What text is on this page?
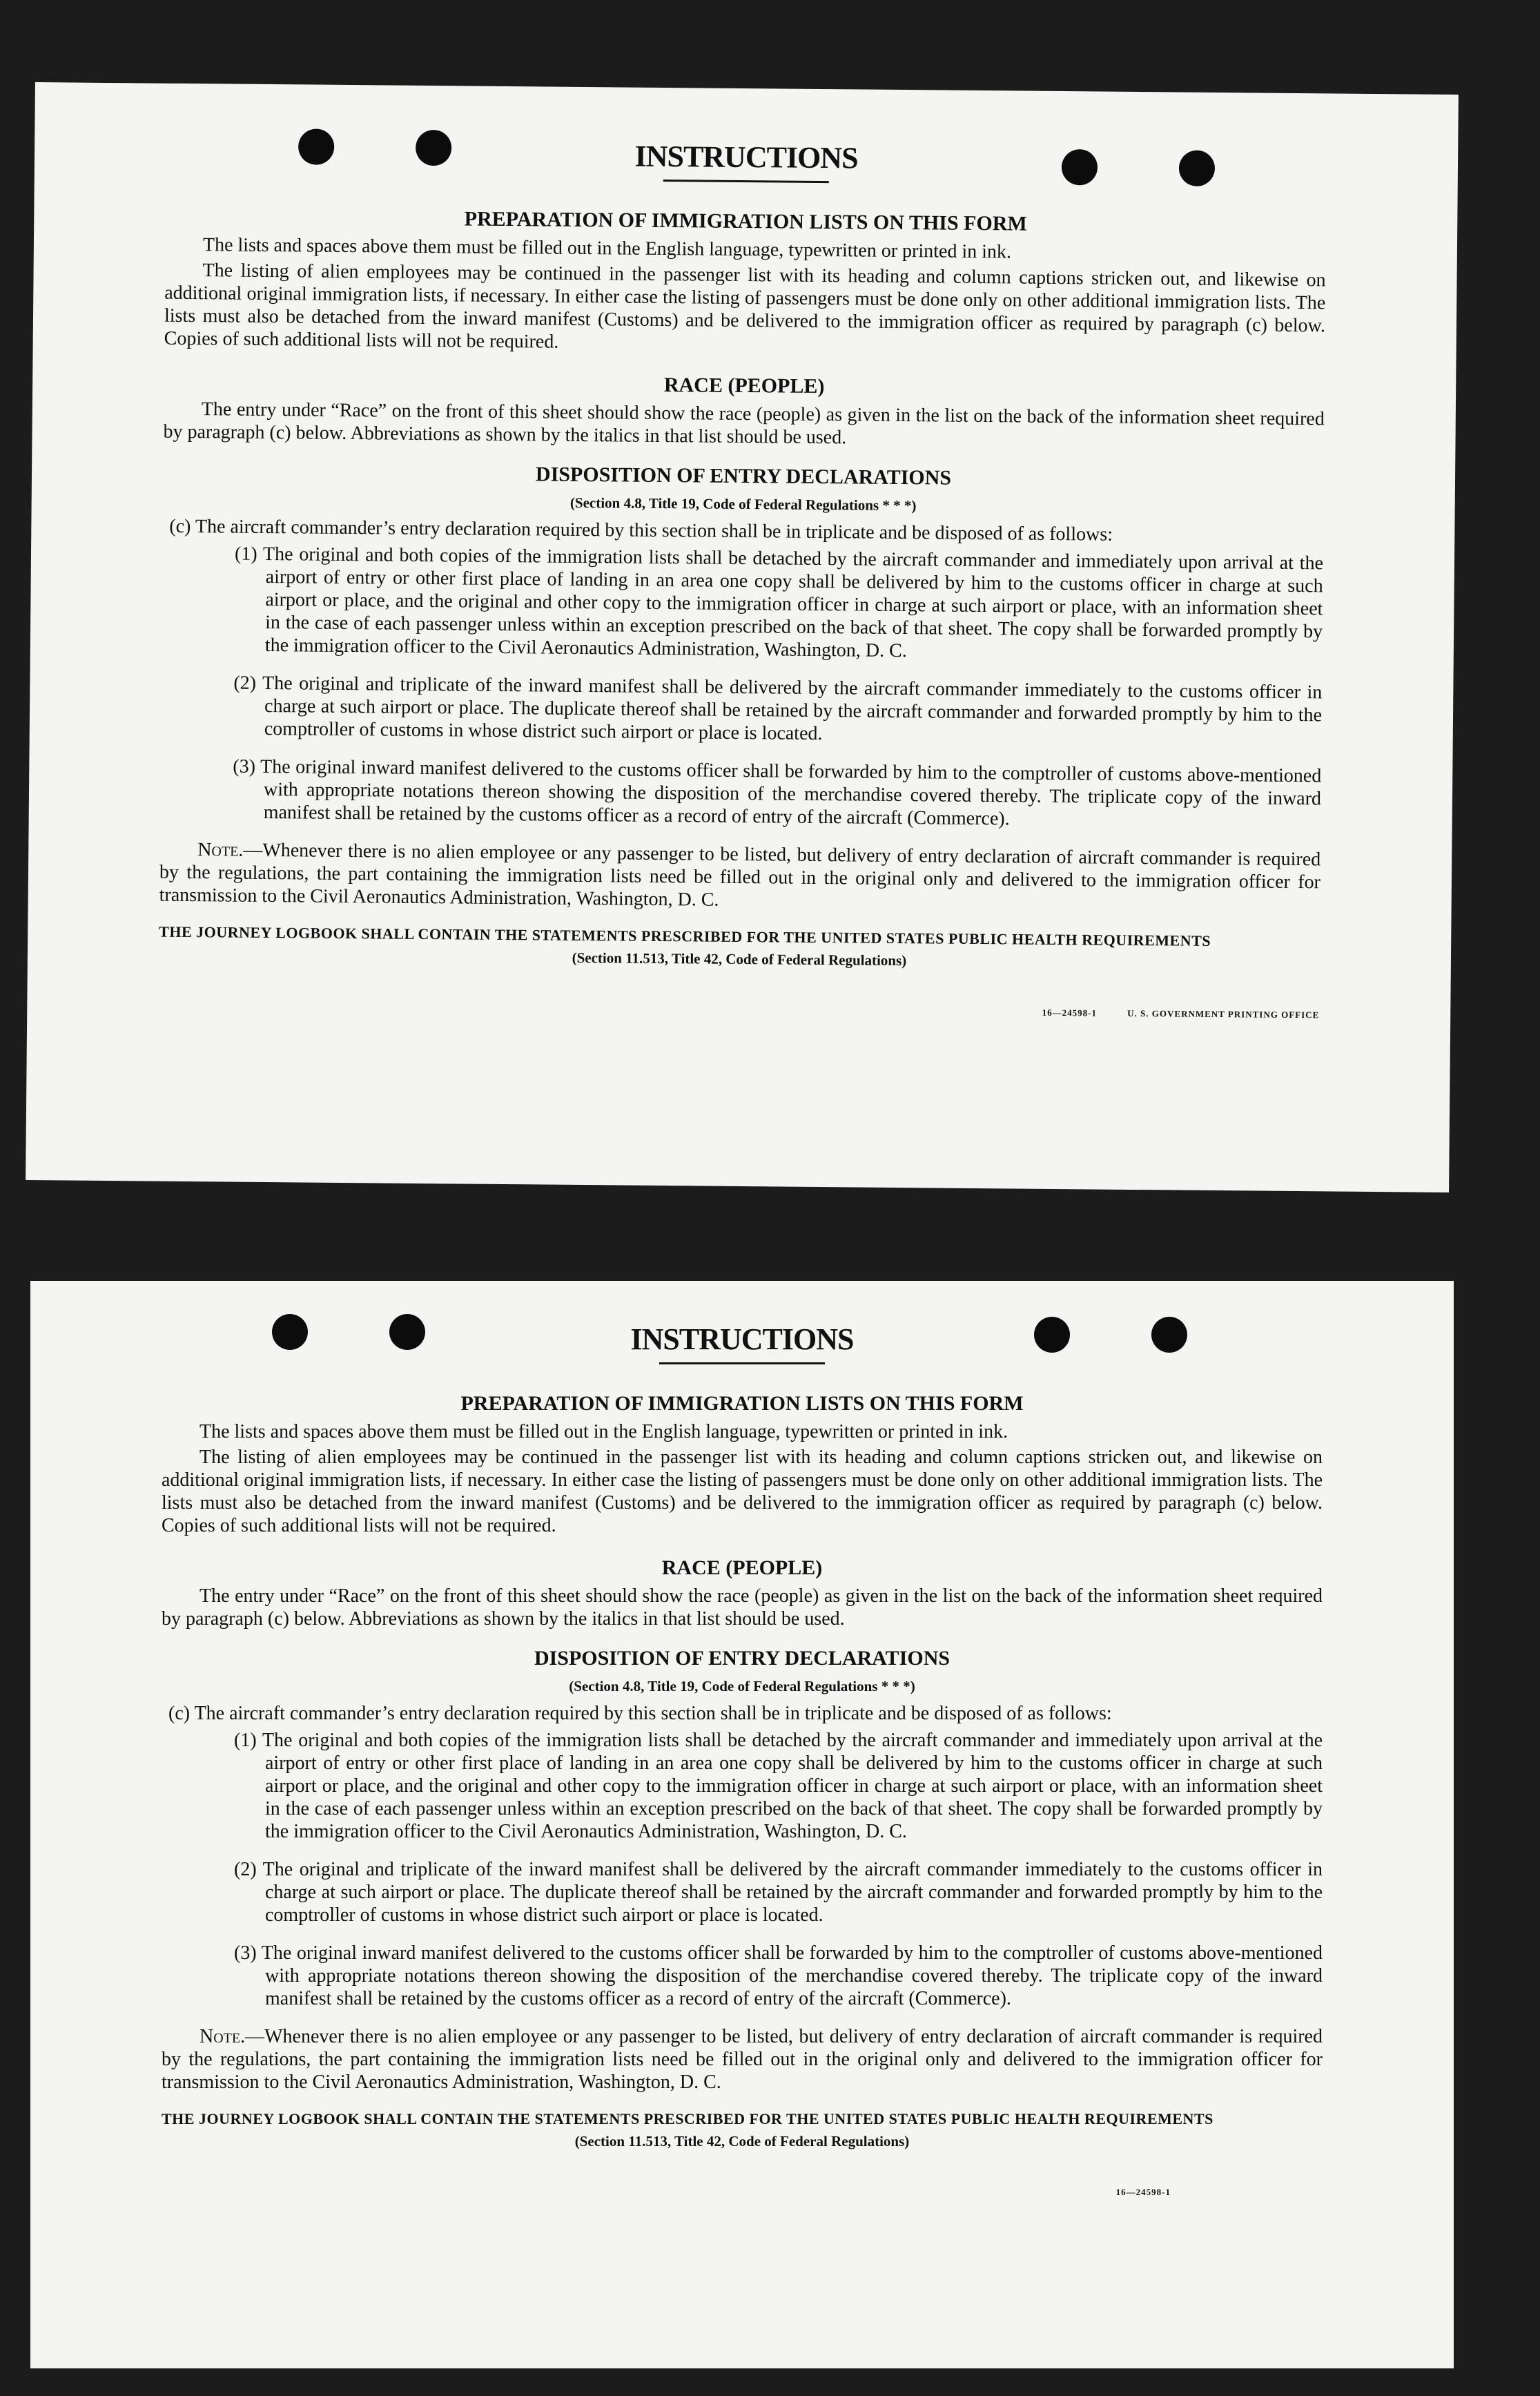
INSTRUCTIONS
PREPARATION OF IMMIGRATION LISTS ON THIS FORM

The lists and spaces above them must be filled out in the English language, typewritten or printed in ink.

The listing of alien employees may be continued in the passenger list with its heading and column captions stricken out, and likewise on additional original immigration lists, if necessary. In either case the listing of passengers must be done only on other additional immigration lists. The lists must also be detached from the inward manifest (Customs) and be delivered to the immigration officer as required by paragraph (c) below. Copies of such additional lists will not be required.

RACE (PEOPLE)

The entry under “Race” on the front of this sheet should show the race (people) as given in the list on the back of the information sheet required by paragraph (c) below. Abbreviations as shown by the italics in that list should be used.

DISPOSITION OF ENTRY DECLARATIONS
(Section 4.8, Title 19, Code of Federal Regulations * * *)

(c) The aircraft commander’s entry declaration required by this section shall be in triplicate and be disposed of as follows:

(1) The original and both copies of the immigration lists shall be detached by the aircraft commander and immediately upon arrival at the airport of entry or other first place of landing in an area one copy shall be delivered by him to the customs officer in charge at such airport or place, and the original and other copy to the immigration officer in charge at such airport or place, with an information sheet in the case of each passenger unless within an exception prescribed on the back of that sheet. The copy shall be forwarded promptly by the immigration officer to the Civil Aeronautics Administration, Washington, D. C.

(2) The original and triplicate of the inward manifest shall be delivered by the aircraft commander immediately to the customs officer in charge at such airport or place. The duplicate thereof shall be retained by the aircraft commander and forwarded promptly by him to the comptroller of customs in whose district such airport or place is located.

(3) The original inward manifest delivered to the customs officer shall be forwarded by him to the comptroller of customs above-mentioned with appropriate notations thereon showing the disposition of the merchandise covered thereby. The triplicate copy of the inward manifest shall be retained by the customs officer as a record of entry of the aircraft (Commerce).

Note.—Whenever there is no alien employee or any passenger to be listed, but delivery of entry declaration of aircraft commander is required by the regulations, the part containing the immigration lists need be filled out in the original only and delivered to the immigration officer for transmission to the Civil Aeronautics Administration, Washington, D. C.

THE JOURNEY LOGBOOK SHALL CONTAIN THE STATEMENTS PRESCRIBED FOR THE UNITED STATES PUBLIC HEALTH REQUIREMENTS

(Section 11.513, Title 42, Code of Federal Regulations)
16—24598-1	U. S. GOVERNMENT PRINTING OFFICE
INSTRUCTIONS
PREPARATION OF IMMIGRATION LISTS ON THIS FORM

The lists and spaces above them must be filled out in the English language, typewritten or printed in ink.

The listing of alien employees may be continued in the passenger list with its heading and column captions stricken out, and likewise on additional original immigration lists, if necessary. In either case the listing of passengers must be done only on other additional immigration lists. The lists must also be detached from the inward manifest (Customs) and be delivered to the immigration officer as required by paragraph (c) below. Copies of such additional lists will not be required.

RACE (PEOPLE)

The entry under “Race” on the front of this sheet should show the race (people) as given in the list on the back of the information sheet required by paragraph (c) below. Abbreviations as shown by the italics in that list should be used.

DISPOSITION OF ENTRY DECLARATIONS
(Section 4.8, Title 19, Code of Federal Regulations * * *)

(c) The aircraft commander’s entry declaration required by this section shall be in triplicate and be disposed of as follows:

(1) The original and both copies of the immigration lists shall be detached by the aircraft commander and immediately upon arrival at the airport of entry or other first place of landing in an area one copy shall be delivered by him to the customs officer in charge at such airport or place, and the original and other copy to the immigration officer in charge at such airport or place, with an information sheet in the case of each passenger unless within an exception prescribed on the back of that sheet. The copy shall be forwarded promptly by the immigration officer to the Civil Aeronautics Administration, Washington, D. C.

(2) The original and triplicate of the inward manifest shall be delivered by the aircraft commander immediately to the customs officer in charge at such airport or place. The duplicate thereof shall be retained by the aircraft commander and forwarded promptly by him to the comptroller of customs in whose district such airport or place is located.

(3) The original inward manifest delivered to the customs officer shall be forwarded by him to the comptroller of customs above-mentioned with appropriate notations thereon showing the disposition of the merchandise covered thereby. The triplicate copy of the inward manifest shall be retained by the customs officer as a record of entry of the aircraft (Commerce).

Note.—Whenever there is no alien employee or any passenger to be listed, but delivery of entry declaration of aircraft commander is required by the regulations, the part containing the immigration lists need be filled out in the original only and delivered to the immigration officer for transmission to the Civil Aeronautics Administration, Washington, D. C.

THE JOURNEY LOGBOOK SHALL CONTAIN THE STATEMENTS PRESCRIBED FOR THE UNITED STATES PUBLIC HEALTH REQUIREMENTS

(Section 11.513, Title 42, Code of Federal Regulations)
16—24598-1
